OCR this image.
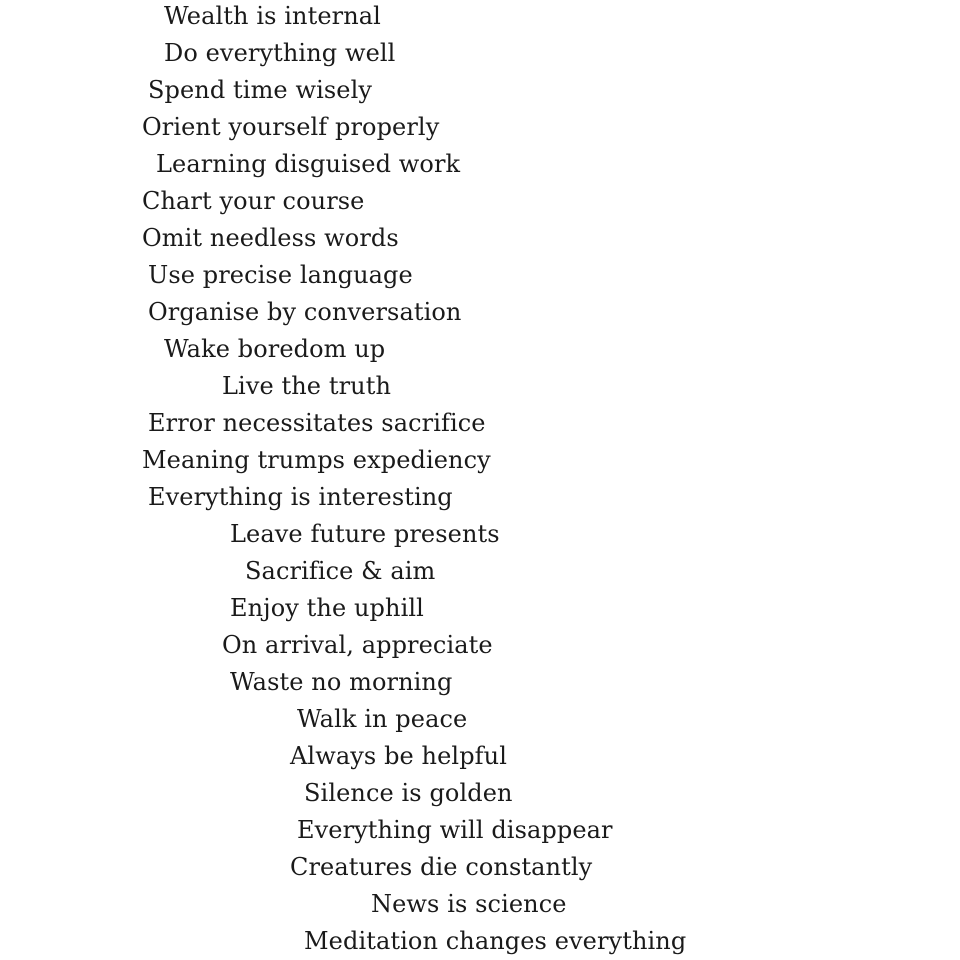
Wealth is internal
Do everything well
Spend time wisely
Orient yourself properly
Learning disguised work
Chart your course
Omit needless words
Use precise language
Organise by conversation
Wake boredom up
Live the truth
Error necessitates sacrifice
Meaning trumps expediency
Everything is interesting
Leave future presents
Sacrifice & aim
Enjoy the uphill
On arrival, appreciate
Waste no morning
Walk in peace
Always be helpful
Silence is golden
Everything will disappear
Creatures die constantly
News is science
Meditation changes everything
